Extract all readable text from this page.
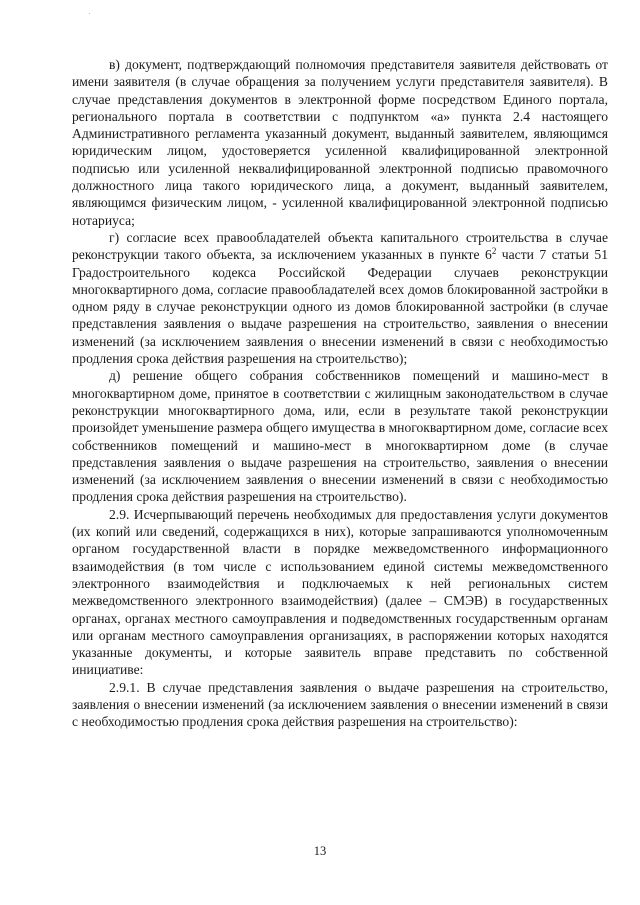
в) документ, подтверждающий полномочия представителя заявителя действовать от имени заявителя (в случае обращения за получением услуги представителя заявителя). В случае представления документов в электронной форме посредством Единого портала, регионального портала в соответствии с подпунктом «а» пункта 2.4 настоящего Административного регламента указанный документ, выданный заявителем, являющимся юридическим лицом, удостоверяется усиленной квалифицированной электронной подписью или усиленной неквалифицированной электронной подписью правомочного должностного лица такого юридического лица, а документ, выданный заявителем, являющимся физическим лицом, - усиленной квалифицированной электронной подписью нотариуса;

г) согласие всех правообладателей объекта капитального строительства в случае реконструкции такого объекта, за исключением указанных в пункте $6^2$ части 7 статьи 51 Градостроительного кодекса Российской Федерации случаев реконструкции многоквартирного дома, согласие правообладателей всех домов блокированной застройки в одном ряду в случае реконструкции одного из домов блокированной застройки (в случае представления заявления о выдаче разрешения на строительство, заявления о внесении изменений (за исключением заявления о внесении изменений в связи с необходимостью продления срока действия разрешения на строительство);

д) решение общего собрания собственников помещений и машино-мест в многоквартирном доме, принятое в соответствии с жилищным законодательством в случае реконструкции многоквартирного дома, или, если в результате такой реконструкции произойдет уменьшение размера общего имущества в многоквартирном доме, согласие всех собственников помещений и машино-мест в многоквартирном доме (в случае представления заявления о выдаче разрешения на строительство, заявления о внесении изменений (за исключением заявления о внесении изменений в связи с необходимостью продления срока действия разрешения на строительство).

2.9. Исчерпывающий перечень необходимых для предоставления услуги документов (их копий или сведений, содержащихся в них), которые запрашиваются уполномоченным органом государственной власти в порядке межведомственного информационного взаимодействия (в том числе с использованием единой системы межведомственного электронного взаимодействия и подключаемых к ней региональных систем межведомственного электронного взаимодействия) (далее – СМЭВ) в государственных органах, органах местного самоуправления и подведомственных государственным органам или органам местного самоуправления организациях, в распоряжении которых находятся указанные документы, и которые заявитель вправе представить по собственной инициативе:

2.9.1. В случае представления заявления о выдаче разрешения на строительство, заявления о внесении изменений (за исключением заявления о внесении изменений в связи с необходимостью продления срока действия разрешения на строительство):

13
